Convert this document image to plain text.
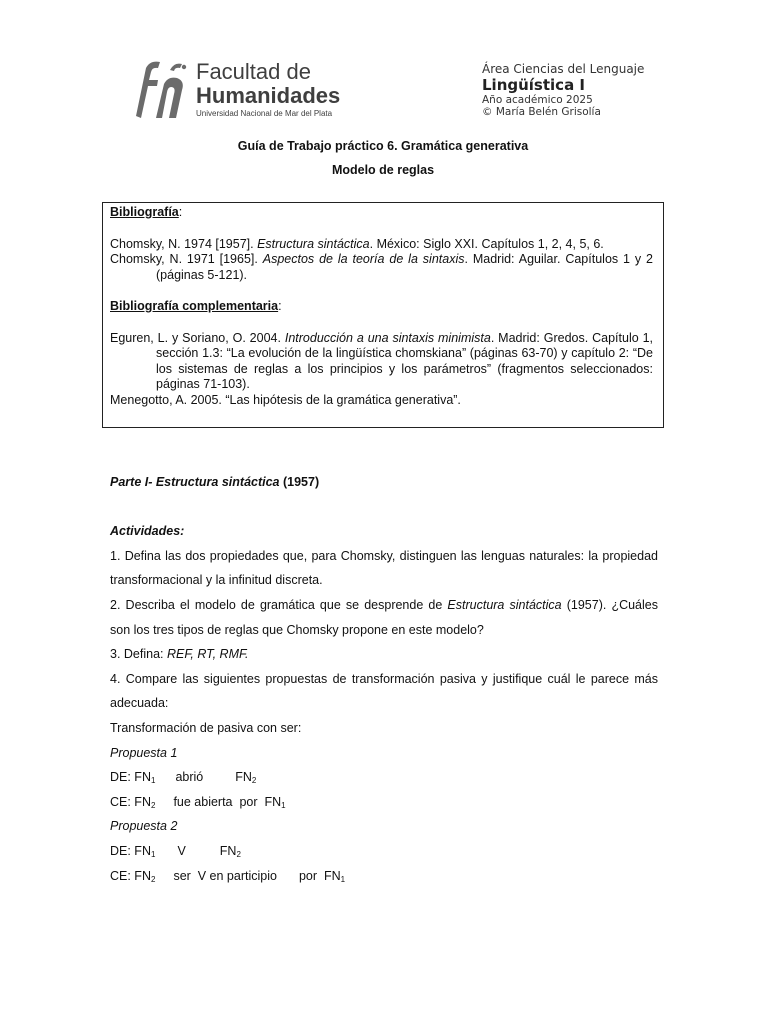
Facultad de
Humanidades
Universidad Nacional de Mar del Plata
Área Ciencias del Lenguaje
Lingüística I
Año académico 2025
© María Belén Grisolía
Guía de Trabajo práctico 6. Gramática generativa
Modelo de reglas

Bibliografía:

Chomsky, N. 1974 [1957]. Estructura sintáctica. México: Siglo XXI. Capítulos 1, 2, 4, 5, 6.

Chomsky, N. 1971 [1965]. Aspectos de la teoría de la sintaxis. Madrid: Aguilar. Capítulos 1 y 2 (páginas 5-121).

Bibliografía complementaria:

Eguren, L. y Soriano, O. 2004. Introducción a una sintaxis minimista. Madrid: Gredos. Capítulo 1, sección 1.3: “La evolución de la lingüística chomskiana” (páginas 63-70) y capítulo 2: “De los sistemas de reglas a los principios y los parámetros” (fragmentos seleccionados: páginas 71-103).

Menegotto, A. 2005. “Las hipótesis de la gramática generativa”.

Parte I- Estructura sintáctica (1957)
Actividades:
1. Defina las dos propiedades que, para Chomsky, distinguen las lenguas naturales: la propiedad transformacional y la infinitud discreta.
2. Describa el modelo de gramática que se desprende de Estructura sintáctica (1957). ¿Cuáles son los tres tipos de reglas que Chomsky propone en este modelo?
3. Defina: REF, RT, RMF.
4. Compare las siguientes propuestas de transformación pasiva y justifique cuál le parece más adecuada:
Transformación de pasiva con ser:
Propuesta 1
DE: $FN_1$ abrió	$FN_2$
CE: $FN_2$ fue abierta  por  $FN_1$
Propuesta 2
DE: $FN_1$ V	$FN_2$
CE: $FN_2$ ser  V en participio por  $FN_1$
